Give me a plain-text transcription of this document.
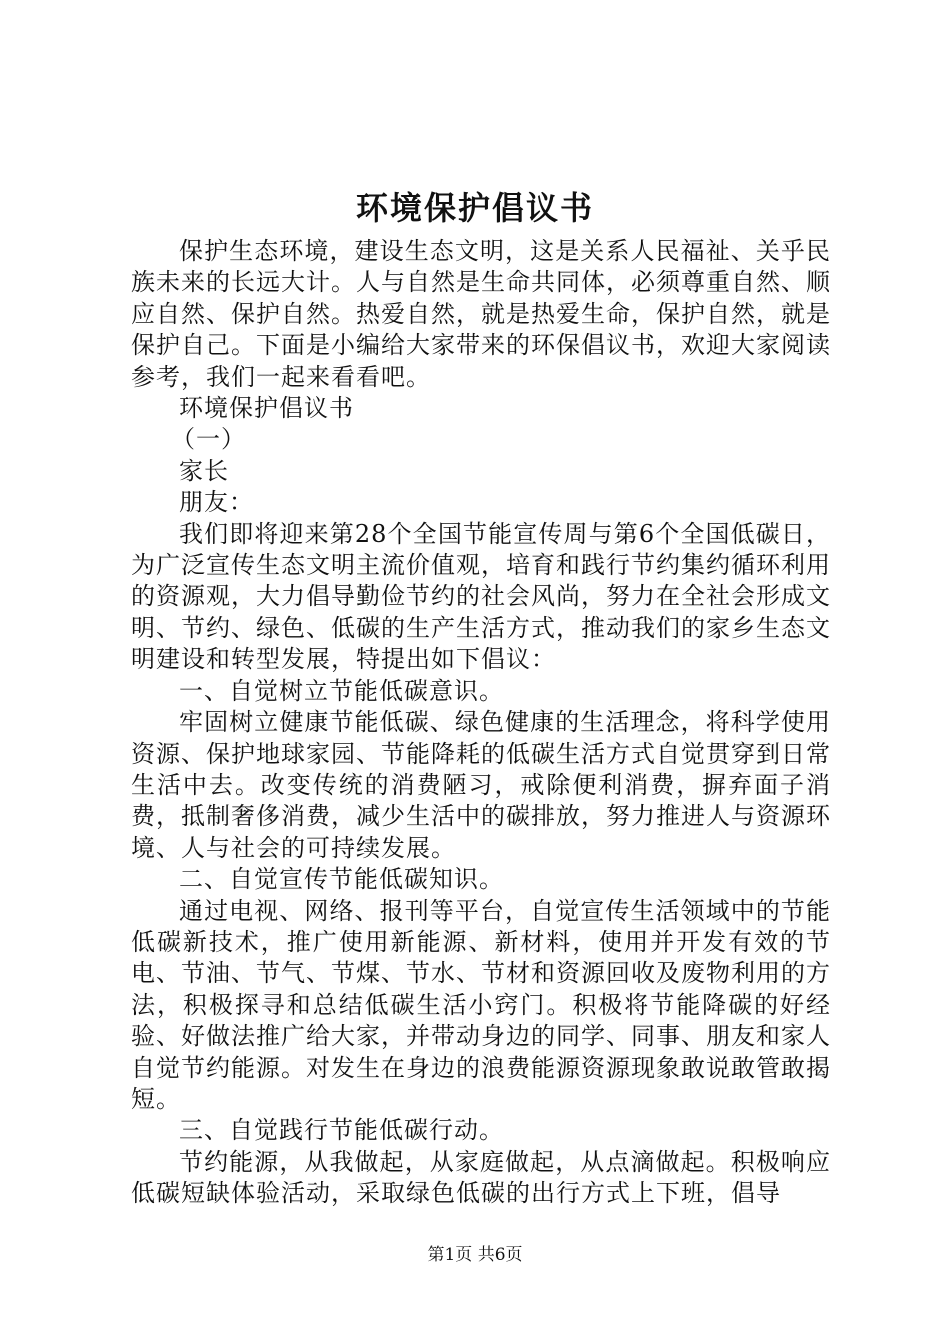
环境保护倡议书

保护生态环境，建设生态文明，这是关系人民福祉、关乎民族未来的长远大计。人与自然是生命共同体，必须尊重自然、顺应自然、保护自然。热爱自然，就是热爱生命，保护自然，就是保护自己。下面是小编给大家带来的环保倡议书，欢迎大家阅读参考，我们一起来看看吧。

环境保护倡议书

（一）

家长

朋友：

我们即将迎来第28个全国节能宣传周与第6个全国低碳日，为广泛宣传生态文明主流价值观，培育和践行节约集约循环利用的资源观，大力倡导勤俭节约的社会风尚，努力在全社会形成文明、节约、绿色、低碳的生产生活方式，推动我们的家乡生态文明建设和转型发展，特提出如下倡议：

一、自觉树立节能低碳意识。

牢固树立健康节能低碳、绿色健康的生活理念，将科学使用资源、保护地球家园、节能降耗的低碳生活方式自觉贯穿到日常生活中去。改变传统的消费陋习，戒除便利消费，摒弃面子消费，抵制奢侈消费，减少生活中的碳排放，努力推进人与资源环境、人与社会的可持续发展。

二、自觉宣传节能低碳知识。

通过电视、网络、报刊等平台，自觉宣传生活领域中的节能低碳新技术，推广使用新能源、新材料，使用并开发有效的节电、节油、节气、节煤、节水、节材和资源回收及废物利用的方法，积极探寻和总结低碳生活小窍门。积极将节能降碳的好经验、好做法推广给大家，并带动身边的同学、同事、朋友和家人自觉节约能源。对发生在身边的浪费能源资源现象敢说敢管敢揭短。

三、自觉践行节能低碳行动。

节约能源，从我做起，从家庭做起，从点滴做起。积极响应低碳短缺体验活动，采取绿色低碳的出行方式上下班，倡导

第1页 共6页
